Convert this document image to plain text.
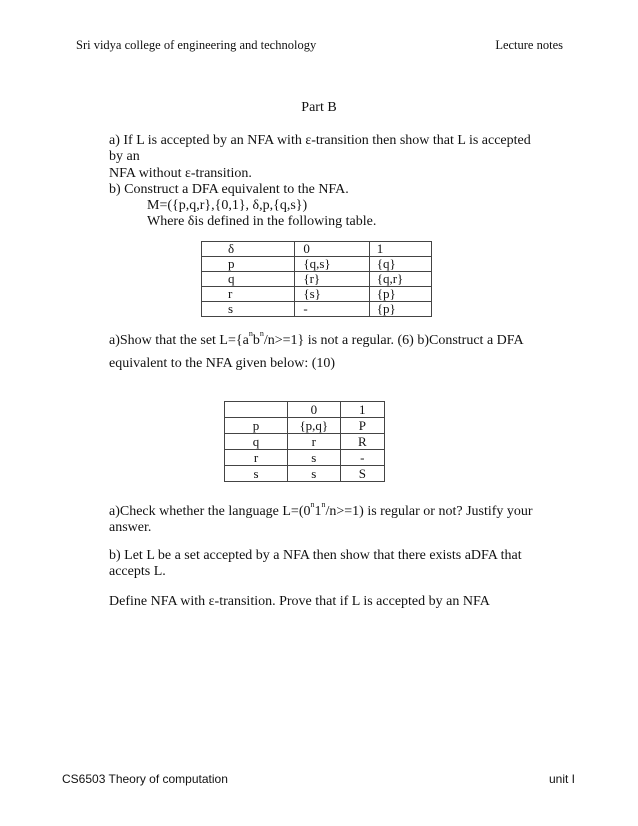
Sri vidya college of engineering and technology	Lecture notes
Part B
a) If L is accepted by an NFA with ε-transition then show that L is accepted
by an
NFA without ε-transition.
b) Construct a DFA equivalent to the NFA.
M=({p,q,r},{0,1}, δ,p,{q,s})
Where δis defined in the following table.
δ	0	1
p	{q,s}	{q}
q	{r}	{q,r}
r	{s}	{p}
s	-	{p}
a)Show that the set $L=\{a^nb^n/n>=1\}$ is not a regular. (6) b)Construct a DFA
equivalent to the NFA given below: (10)
	0	1
p	{p,q}	P
q	r	R
r	s	-
s	s	S
a)Check whether the language $L=(0^n1^n/n>=1)$ is regular or not? Justify your
answer.
b) Let L be a set accepted by a NFA then show that there exists aDFA that
accepts L.
Define NFA with ε-transition. Prove that if L is accepted by an NFA
CS6503 Theory of computation	unit I
